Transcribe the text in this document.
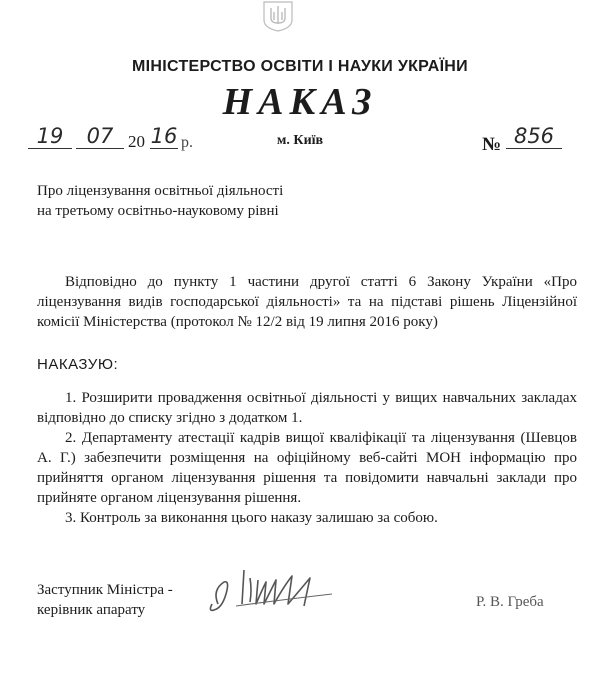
МІНІСТЕРСТВО ОСВІТИ І НАУКИ УКРАЇНИ
НАКАЗ
м. Київ
19	07 20 16 р.	№ 856
Про ліцензування освітньої діяльності
на третьому освітньо-науковому рівні
Відповідно до пункту 1 частини другої статті 6 Закону України «Про ліцензування видів господарської діяльності» та на підставі рішень Ліцензійної комісії Міністерства (протокол № 12/2 від 19 липня 2016 року)
НАКАЗУЮ:

1. Розширити провадження освітньої діяльності у вищих навчальних закладах відповідно до списку згідно з додатком 1.

2. Департаменту атестації кадрів вищої кваліфікації та ліцензування (Шевцов А. Г.) забезпечити розміщення на офіційному веб-сайті МОН інформацію про прийняття органом ліцензування рішення та повідомити навчальні заклади про прийняте органом ліцензування рішення.

3. Контроль за виконання цього наказу залишаю за собою.

Заступник Міністра -
керівник апарату	Р. В. Греба
